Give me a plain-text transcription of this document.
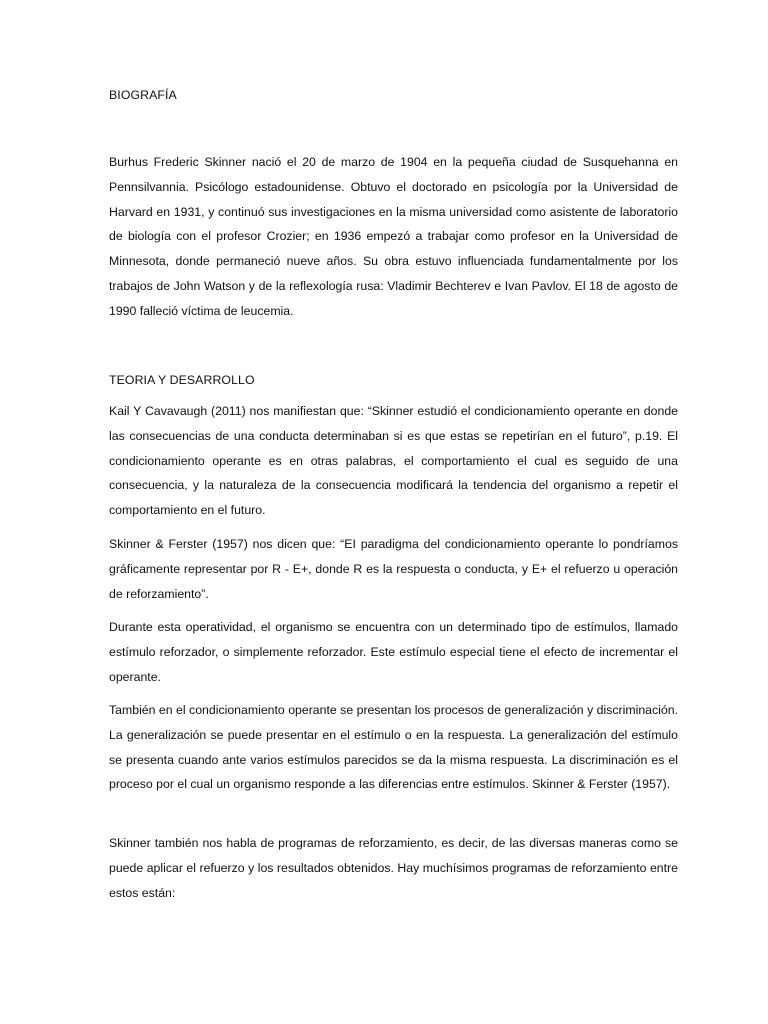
BIOGRAFÍA

Burhus Frederic Skinner nació el 20 de marzo de 1904 en la pequeña ciudad de Susquehanna en Pennsilvannia. Psicólogo estadounidense. Obtuvo el doctorado en psicología por la Universidad de Harvard en 1931, y continuó sus investigaciones en la misma universidad como asistente de laboratorio de biología con el profesor Crozier; en 1936 empezó a trabajar como profesor en la Universidad de Minnesota, donde permaneció nueve años. Su obra estuvo influenciada fundamentalmente por los trabajos de John Watson y de la reflexología rusa: Vladimir Bechterev e Ivan Pavlov. El 18 de agosto de 1990 falleció víctima de leucemia.

TEORIA Y DESARROLLO

Kail Y Cavavaugh (2011) nos manifiestan que: “Skinner estudió el condicionamiento operante en donde las consecuencias de una conducta determinaban si es que estas se repetirían en el futuro”, p.19. El condicionamiento operante es en otras palabras, el comportamiento el cual es seguido de una consecuencia, y la naturaleza de la consecuencia modificará la tendencia del organismo a repetir el comportamiento en el futuro.

Skinner & Ferster (1957) nos dicen que: “EI paradigma del condicionamiento operante lo pondríamos gráficamente representar por R - E+, donde R es la respuesta o conducta, y E+ el refuerzo u operación de reforzamiento”.

Durante esta operatividad, el organismo se encuentra con un determinado tipo de estímulos, llamado estímulo reforzador, o simplemente reforzador. Este estímulo especial tiene el efecto de incrementar el operante.

También en el condicionamiento operante se presentan los procesos de generalización y discriminación. La generalización se puede presentar en el estímulo o en la respuesta. La generalización del estímulo se presenta cuando ante varios estímulos parecidos se da la misma respuesta. La discriminación es el proceso por el cual un organismo responde a las diferencias entre estímulos. Skinner & Ferster (1957).

Skinner también nos habla de programas de reforzamiento, es decir, de las diversas maneras como se puede aplicar el refuerzo y los resultados obtenidos. Hay muchísimos programas de reforzamiento entre estos están:
